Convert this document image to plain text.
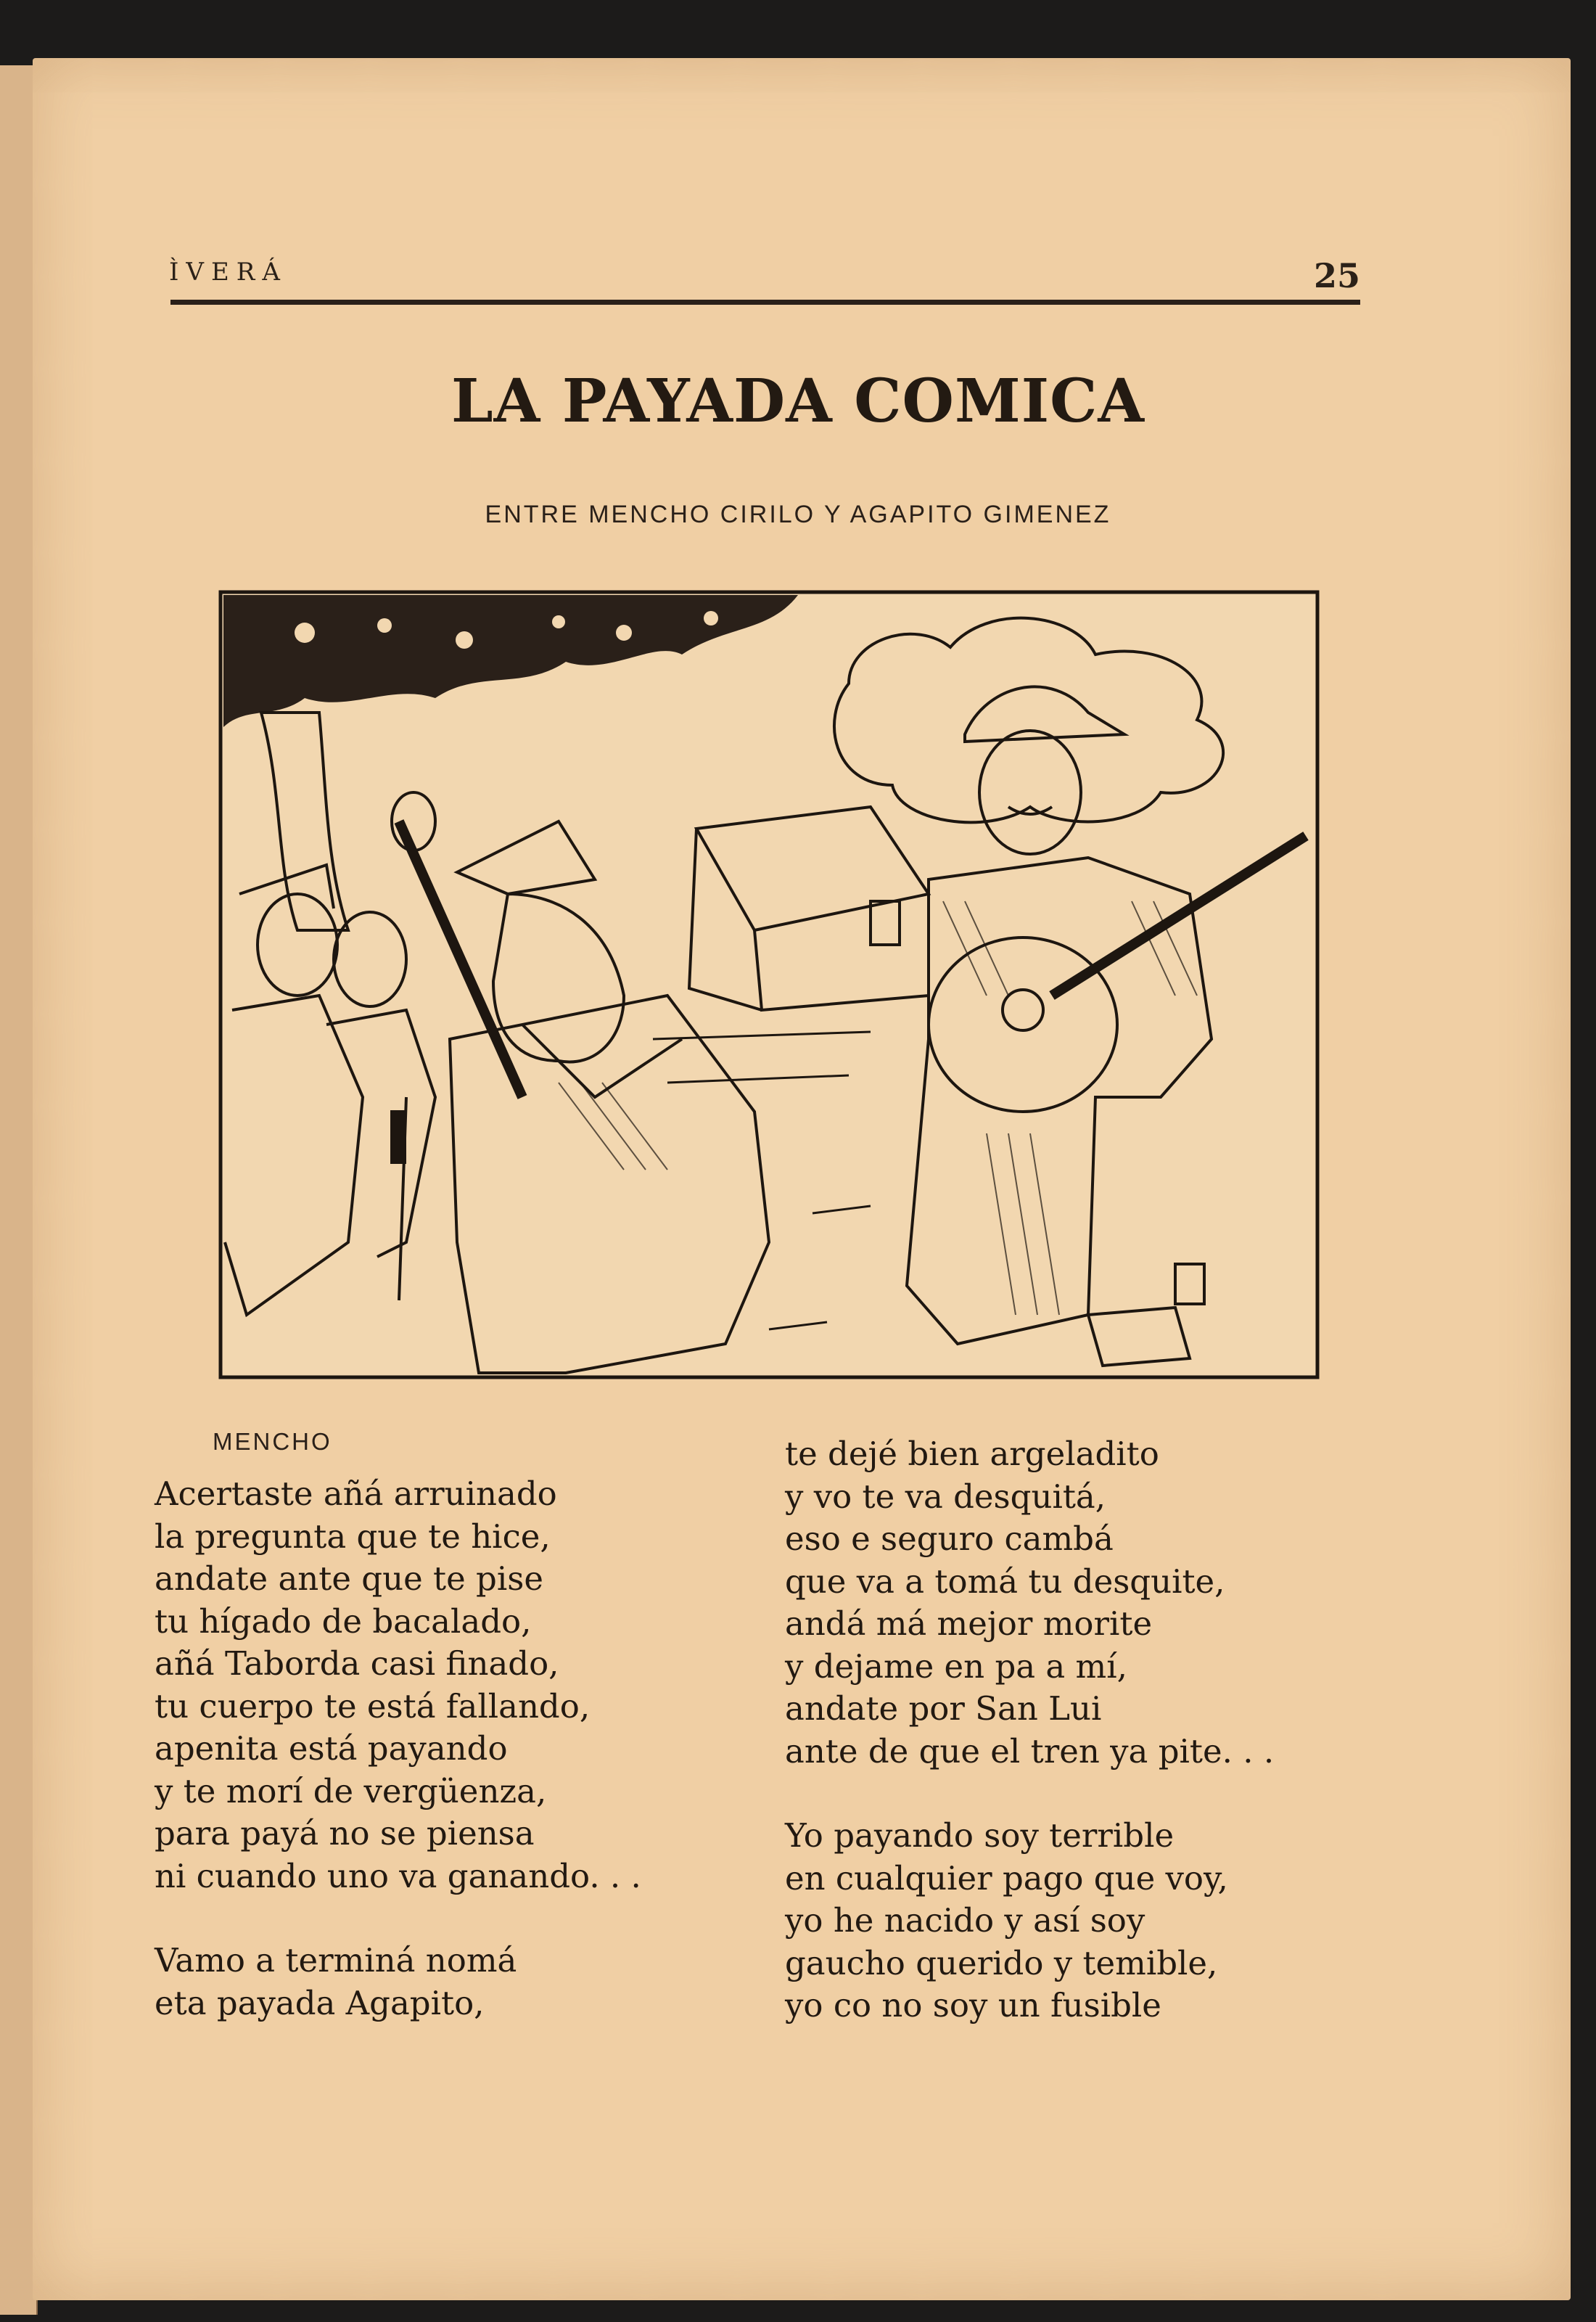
ÌVERÁ	25
LA PAYADA COMICA
ENTRE MENCHO CIRILO Y AGAPITO GIMENEZ
MENCHO
Acertaste añá arruinado
la pregunta que te hice,
andate ante que te pise
tu hígado de bacalado,
añá Taborda casi finado,
tu cuerpo te está fallando,
apenita está payando
y te morí de vergüenza,
para payá no se piensa
ni cuando uno va ganando. . .
Vamo a terminá nomá
eta payada Agapito,
te dejé bien argeladito
y vo te va desquitá,
eso e seguro cambá
que va a tomá tu desquite,
andá má mejor morite
y dejame en pa a mí,
andate por San Lui
ante de que el tren ya pite. . .
Yo payando soy terrible
en cualquier pago que voy,
yo he nacido y así soy
gaucho querido y temible,
yo co no soy un fusible
